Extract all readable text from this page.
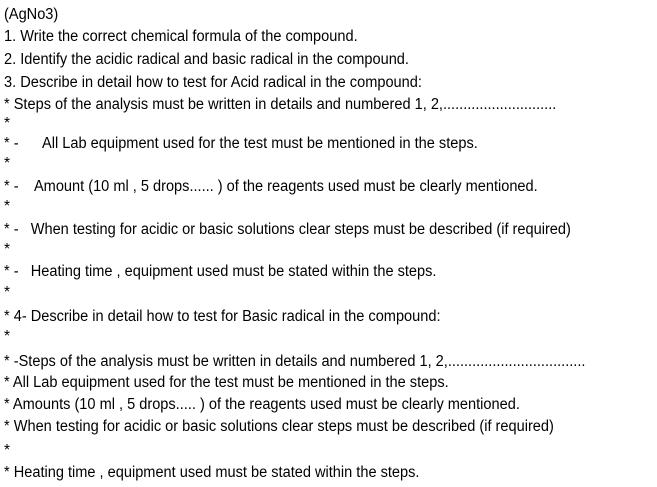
(AgNo3)
1. Write the correct chemical formula of the compound.
2. Identify the acidic radical and basic radical in the compound.
3. Describe in detail how to test for Acid radical in the compound:
* Steps of the analysis must be written in details and numbered 1, 2,............................
*
* -      All Lab equipment used for the test must be mentioned in the steps.
*
* -    Amount (10 ml , 5 drops...... ) of the reagents used must be clearly mentioned.
*
* -   When testing for acidic or basic solutions clear steps must be described (if required)
*
* -   Heating time , equipment used must be stated within the steps.
*
* 4- Describe in detail how to test for Basic radical in the compound:
*
* -Steps of the analysis must be written in details and numbered 1, 2,..................................
* All Lab equipment used for the test must be mentioned in the steps.
* Amounts (10 ml , 5 drops..... ) of the reagents used must be clearly mentioned.
* When testing for acidic or basic solutions clear steps must be described (if required)
*
* Heating time , equipment used must be stated within the steps.
